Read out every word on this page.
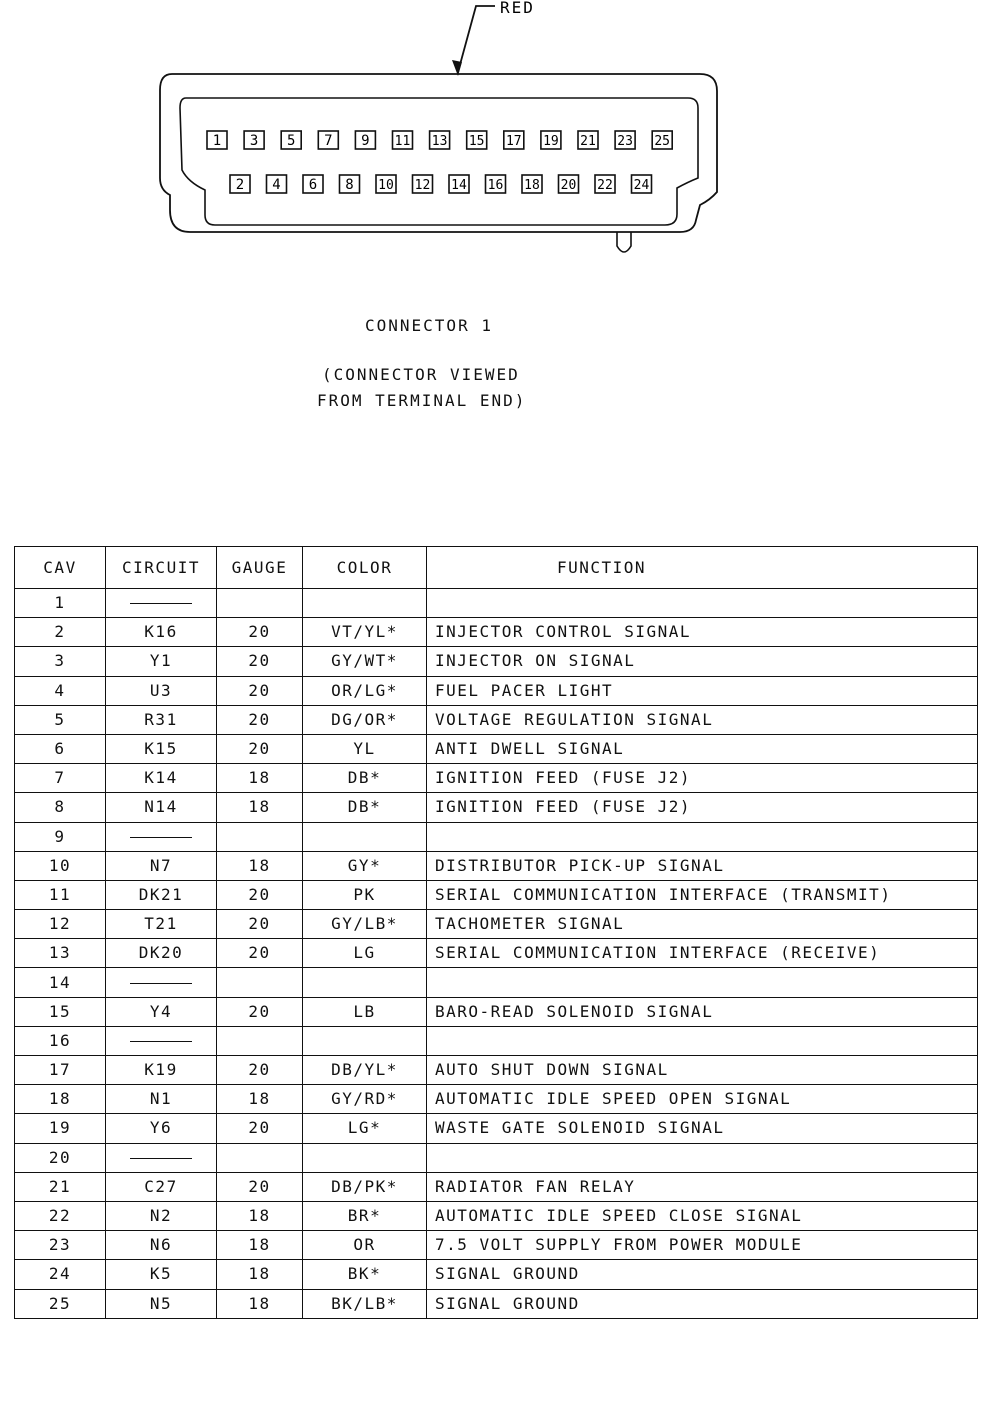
RED
1 3 5 7 9 11 13 15 17 19 21 23 25
2 4 6 8 10 12 14 16 18 20 22 24
CONNECTOR 1
(CONNECTOR VIEWED
FROM TERMINAL END)
CAV	CIRCUIT	GAUGE	COLOR	FUNCTION
1				
2	K16	20	VT/YL*	INJECTOR CONTROL SIGNAL
3	Y1	20	GY/WT*	INJECTOR ON SIGNAL
4	U3	20	OR/LG*	FUEL PACER LIGHT
5	R31	20	DG/OR*	VOLTAGE REGULATION SIGNAL
6	K15	20	YL	ANTI DWELL SIGNAL
7	K14	18	DB*	IGNITION FEED (FUSE J2)
8	N14	18	DB*	IGNITION FEED (FUSE J2)
9				
10	N7	18	GY*	DISTRIBUTOR PICK-UP SIGNAL
11	DK21	20	PK	SERIAL COMMUNICATION INTERFACE (TRANSMIT)
12	T21	20	GY/LB*	TACHOMETER SIGNAL
13	DK20	20	LG	SERIAL COMMUNICATION INTERFACE (RECEIVE)
14				
15	Y4	20	LB	BARO-READ SOLENOID SIGNAL
16				
17	K19	20	DB/YL*	AUTO SHUT DOWN SIGNAL
18	N1	18	GY/RD*	AUTOMATIC IDLE SPEED OPEN SIGNAL
19	Y6	20	LG*	WASTE GATE SOLENOID SIGNAL
20				
21	C27	20	DB/PK*	RADIATOR FAN RELAY
22	N2	18	BR*	AUTOMATIC IDLE SPEED CLOSE SIGNAL
23	N6	18	OR	7.5 VOLT SUPPLY FROM POWER MODULE
24	K5	18	BK*	SIGNAL GROUND
25	N5	18	BK/LB*	SIGNAL GROUND
